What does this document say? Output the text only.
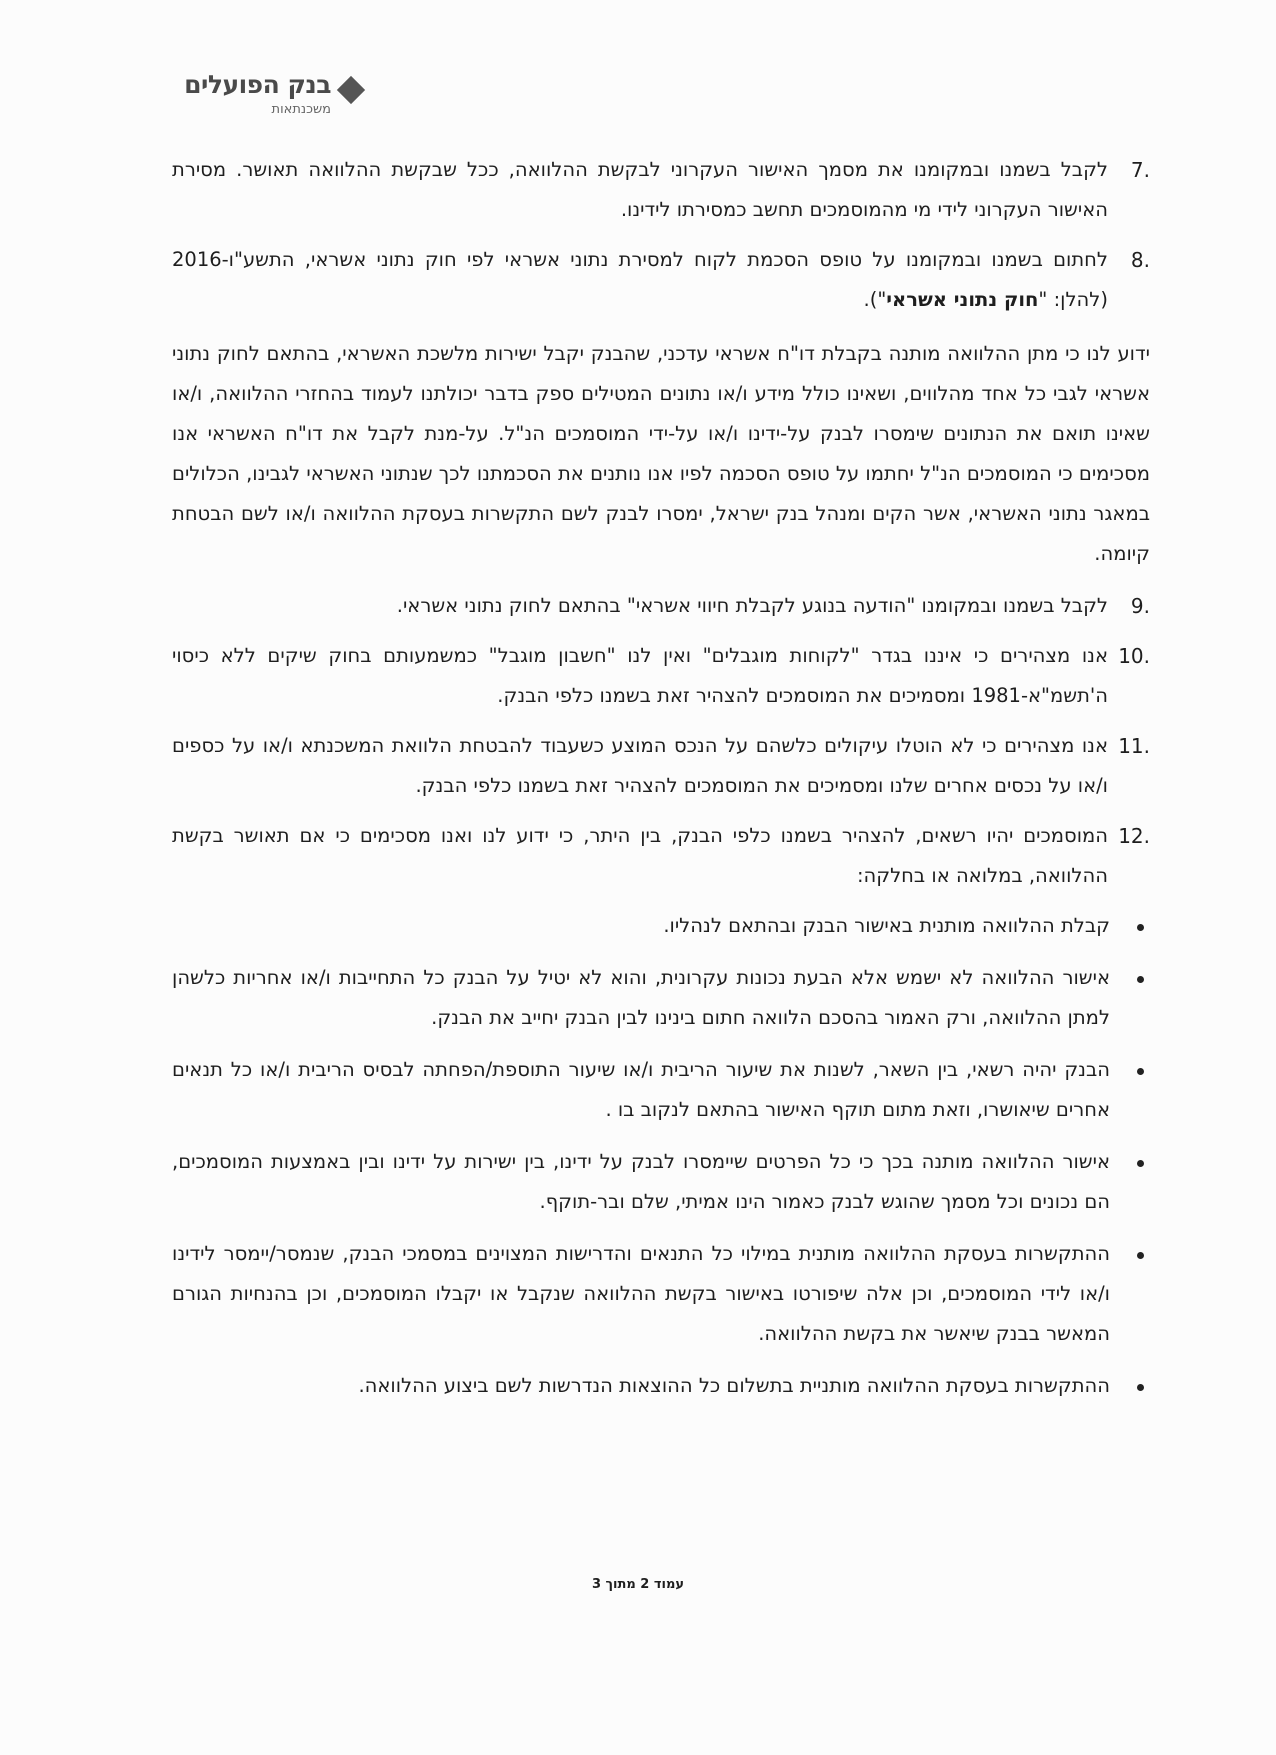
בנק הפועלים
משכנתאות
7.
לקבל בשמנו ובמקומנו את מסמך האישור העקרוני לבקשת ההלוואה, ככל שבקשת ההלוואה תאושר. מסירת האישור העקרוני לידי מי מהמוסמכים תחשב כמסירתו לידינו.
8.
לחתום בשמנו ובמקומנו על טופס הסכמת לקוח למסירת נתוני אשראי לפי חוק נתוני אשראי, התשע"ו-2016 (להלן: "חוק נתוני אשראי").
ידוע לנו כי מתן ההלוואה מותנה בקבלת דו"ח אשראי עדכני, שהבנק יקבל ישירות מלשכת האשראי, בהתאם לחוק נתוני אשראי לגבי כל אחד מהלווים, ושאינו כולל מידע ו/או נתונים המטילים ספק בדבר יכולתנו לעמוד בהחזרי ההלוואה, ו/או שאינו תואם את הנתונים שימסרו לבנק על-ידינו ו/או על-ידי המוסמכים הנ"ל. על-מנת לקבל את דו"ח האשראי אנו מסכימים כי המוסמכים הנ"ל יחתמו על טופס הסכמה לפיו אנו נותנים את הסכמתנו לכך שנתוני האשראי לגבינו, הכלולים במאגר נתוני האשראי, אשר הקים ומנהל בנק ישראל, ימסרו לבנק לשם התקשרות בעסקת ההלוואה ו/או לשם הבטחת קיומה.
9.
לקבל בשמנו ובמקומנו "הודעה בנוגע לקבלת חיווי אשראי" בהתאם לחוק נתוני אשראי.
10.
אנו מצהירים כי איננו בגדר "לקוחות מוגבלים" ואין לנו "חשבון מוגבל" כמשמעותם בחוק שיקים ללא כיסוי ה'תשמ"א-1981 ומסמיכים את המוסמכים להצהיר זאת בשמנו כלפי הבנק.
11.
אנו מצהירים כי לא הוטלו עיקולים כלשהם על הנכס המוצע כשעבוד להבטחת הלוואת המשכנתא ו/או על כספים ו/או על נכסים אחרים שלנו ומסמיכים את המוסמכים להצהיר זאת בשמנו כלפי הבנק.
12.
המוסמכים יהיו רשאים, להצהיר בשמנו כלפי הבנק, בין היתר, כי ידוע לנו ואנו מסכימים כי אם תאושר בקשת ההלוואה, במלואה או בחלקה:
קבלת ההלוואה מותנית באישור הבנק ובהתאם לנהליו.
אישור ההלוואה לא ישמש אלא הבעת נכונות עקרונית, והוא לא יטיל על הבנק כל התחייבות ו/או אחריות כלשהן למתן ההלוואה, ורק האמור בהסכם הלוואה חתום בינינו לבין הבנק יחייב את הבנק.
הבנק יהיה רשאי, בין השאר, לשנות את שיעור הריבית ו/או שיעור התוספת/הפחתה לבסיס הריבית ו/או כל תנאים אחרים שיאושרו, וזאת מתום תוקף האישור בהתאם לנקוב בו .
אישור ההלוואה מותנה בכך כי כל הפרטים שיימסרו לבנק על ידינו, בין ישירות על ידינו ובין באמצעות המוסמכים, הם נכונים וכל מסמך שהוגש לבנק כאמור הינו אמיתי, שלם ובר-תוקף.
ההתקשרות בעסקת ההלוואה מותנית במילוי כל התנאים והדרישות המצוינים במסמכי הבנק, שנמסר/יימסר לידינו ו/או לידי המוסמכים, וכן אלה שיפורטו באישור בקשת ההלוואה שנקבל או יקבלו המוסמכים, וכן בהנחיות הגורם המאשר בבנק שיאשר את בקשת ההלוואה.
ההתקשרות בעסקת ההלוואה מותניית בתשלום כל ההוצאות הנדרשות לשם ביצוע ההלוואה.
עמוד 2 מתוך 3
